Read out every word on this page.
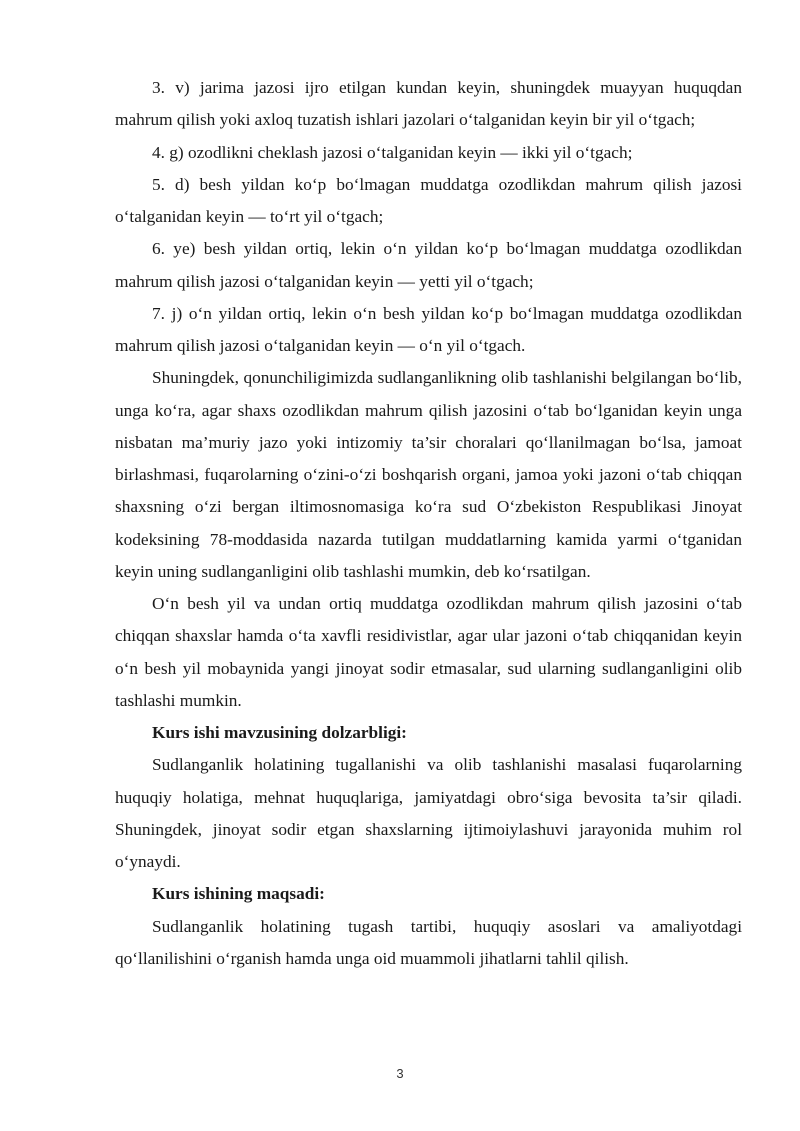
3. v) jarima jazosi ijro etilgan kundan keyin, shuningdek muayyan huquqdan mahrum qilish yoki axloq tuzatish ishlari jazolari o‘talganidan keyin bir yil o‘tgach;

4. g) ozodlikni cheklash jazosi o‘talganidan keyin — ikki yil o‘tgach;

5. d) besh yildan ko‘p bo‘lmagan muddatga ozodlikdan mahrum qilish jazosi o‘talganidan keyin — to‘rt yil o‘tgach;

6. ye) besh yildan ortiq, lekin o‘n yildan ko‘p bo‘lmagan muddatga ozodlikdan mahrum qilish jazosi o‘talganidan keyin — yetti yil o‘tgach;

7. j) o‘n yildan ortiq, lekin o‘n besh yildan ko‘p bo‘lmagan muddatga ozodlikdan mahrum qilish jazosi o‘talganidan keyin — o‘n yil o‘tgach.

Shuningdek, qonunchiligimizda sudlanganlikning olib tashlanishi belgilangan bo‘lib, unga ko‘ra, agar shaxs ozodlikdan mahrum qilish jazosini o‘tab bo‘lganidan keyin unga nisbatan ma’muriy jazo yoki intizomiy ta’sir choralari qo‘llanilmagan bo‘lsa, jamoat birlashmasi, fuqarolarning o‘zini-o‘zi boshqarish organi, jamoa yoki jazoni o‘tab chiqqan shaxsning o‘zi bergan iltimosnomasiga ko‘ra sud O‘zbekiston Respublikasi Jinoyat kodeksining 78-moddasida nazarda tutilgan muddatlarning kamida yarmi o‘tganidan keyin uning sudlanganligini olib tashlashi mumkin, deb ko‘rsatilgan.

O‘n besh yil va undan ortiq muddatga ozodlikdan mahrum qilish jazosini o‘tab chiqqan shaxslar hamda o‘ta xavfli residivistlar, agar ular jazoni o‘tab chiqqanidan keyin o‘n besh yil mobaynida yangi jinoyat sodir etmasalar, sud ularning sudlanganligini olib tashlashi mumkin.

Kurs ishi mavzusining dolzarbligi:

Sudlanganlik holatining tugallanishi va olib tashlanishi masalasi fuqarolarning huquqiy holatiga, mehnat huquqlariga, jamiyatdagi obro‘siga bevosita ta’sir qiladi. Shuningdek, jinoyat sodir etgan shaxslarning ijtimoiylashuvi jarayonida muhim rol o‘ynaydi.

Kurs ishining maqsadi:

Sudlanganlik holatining tugash tartibi, huquqiy asoslari va amaliyotdagi qo‘llanilishini o‘rganish hamda unga oid muammoli jihatlarni tahlil qilish.

3
